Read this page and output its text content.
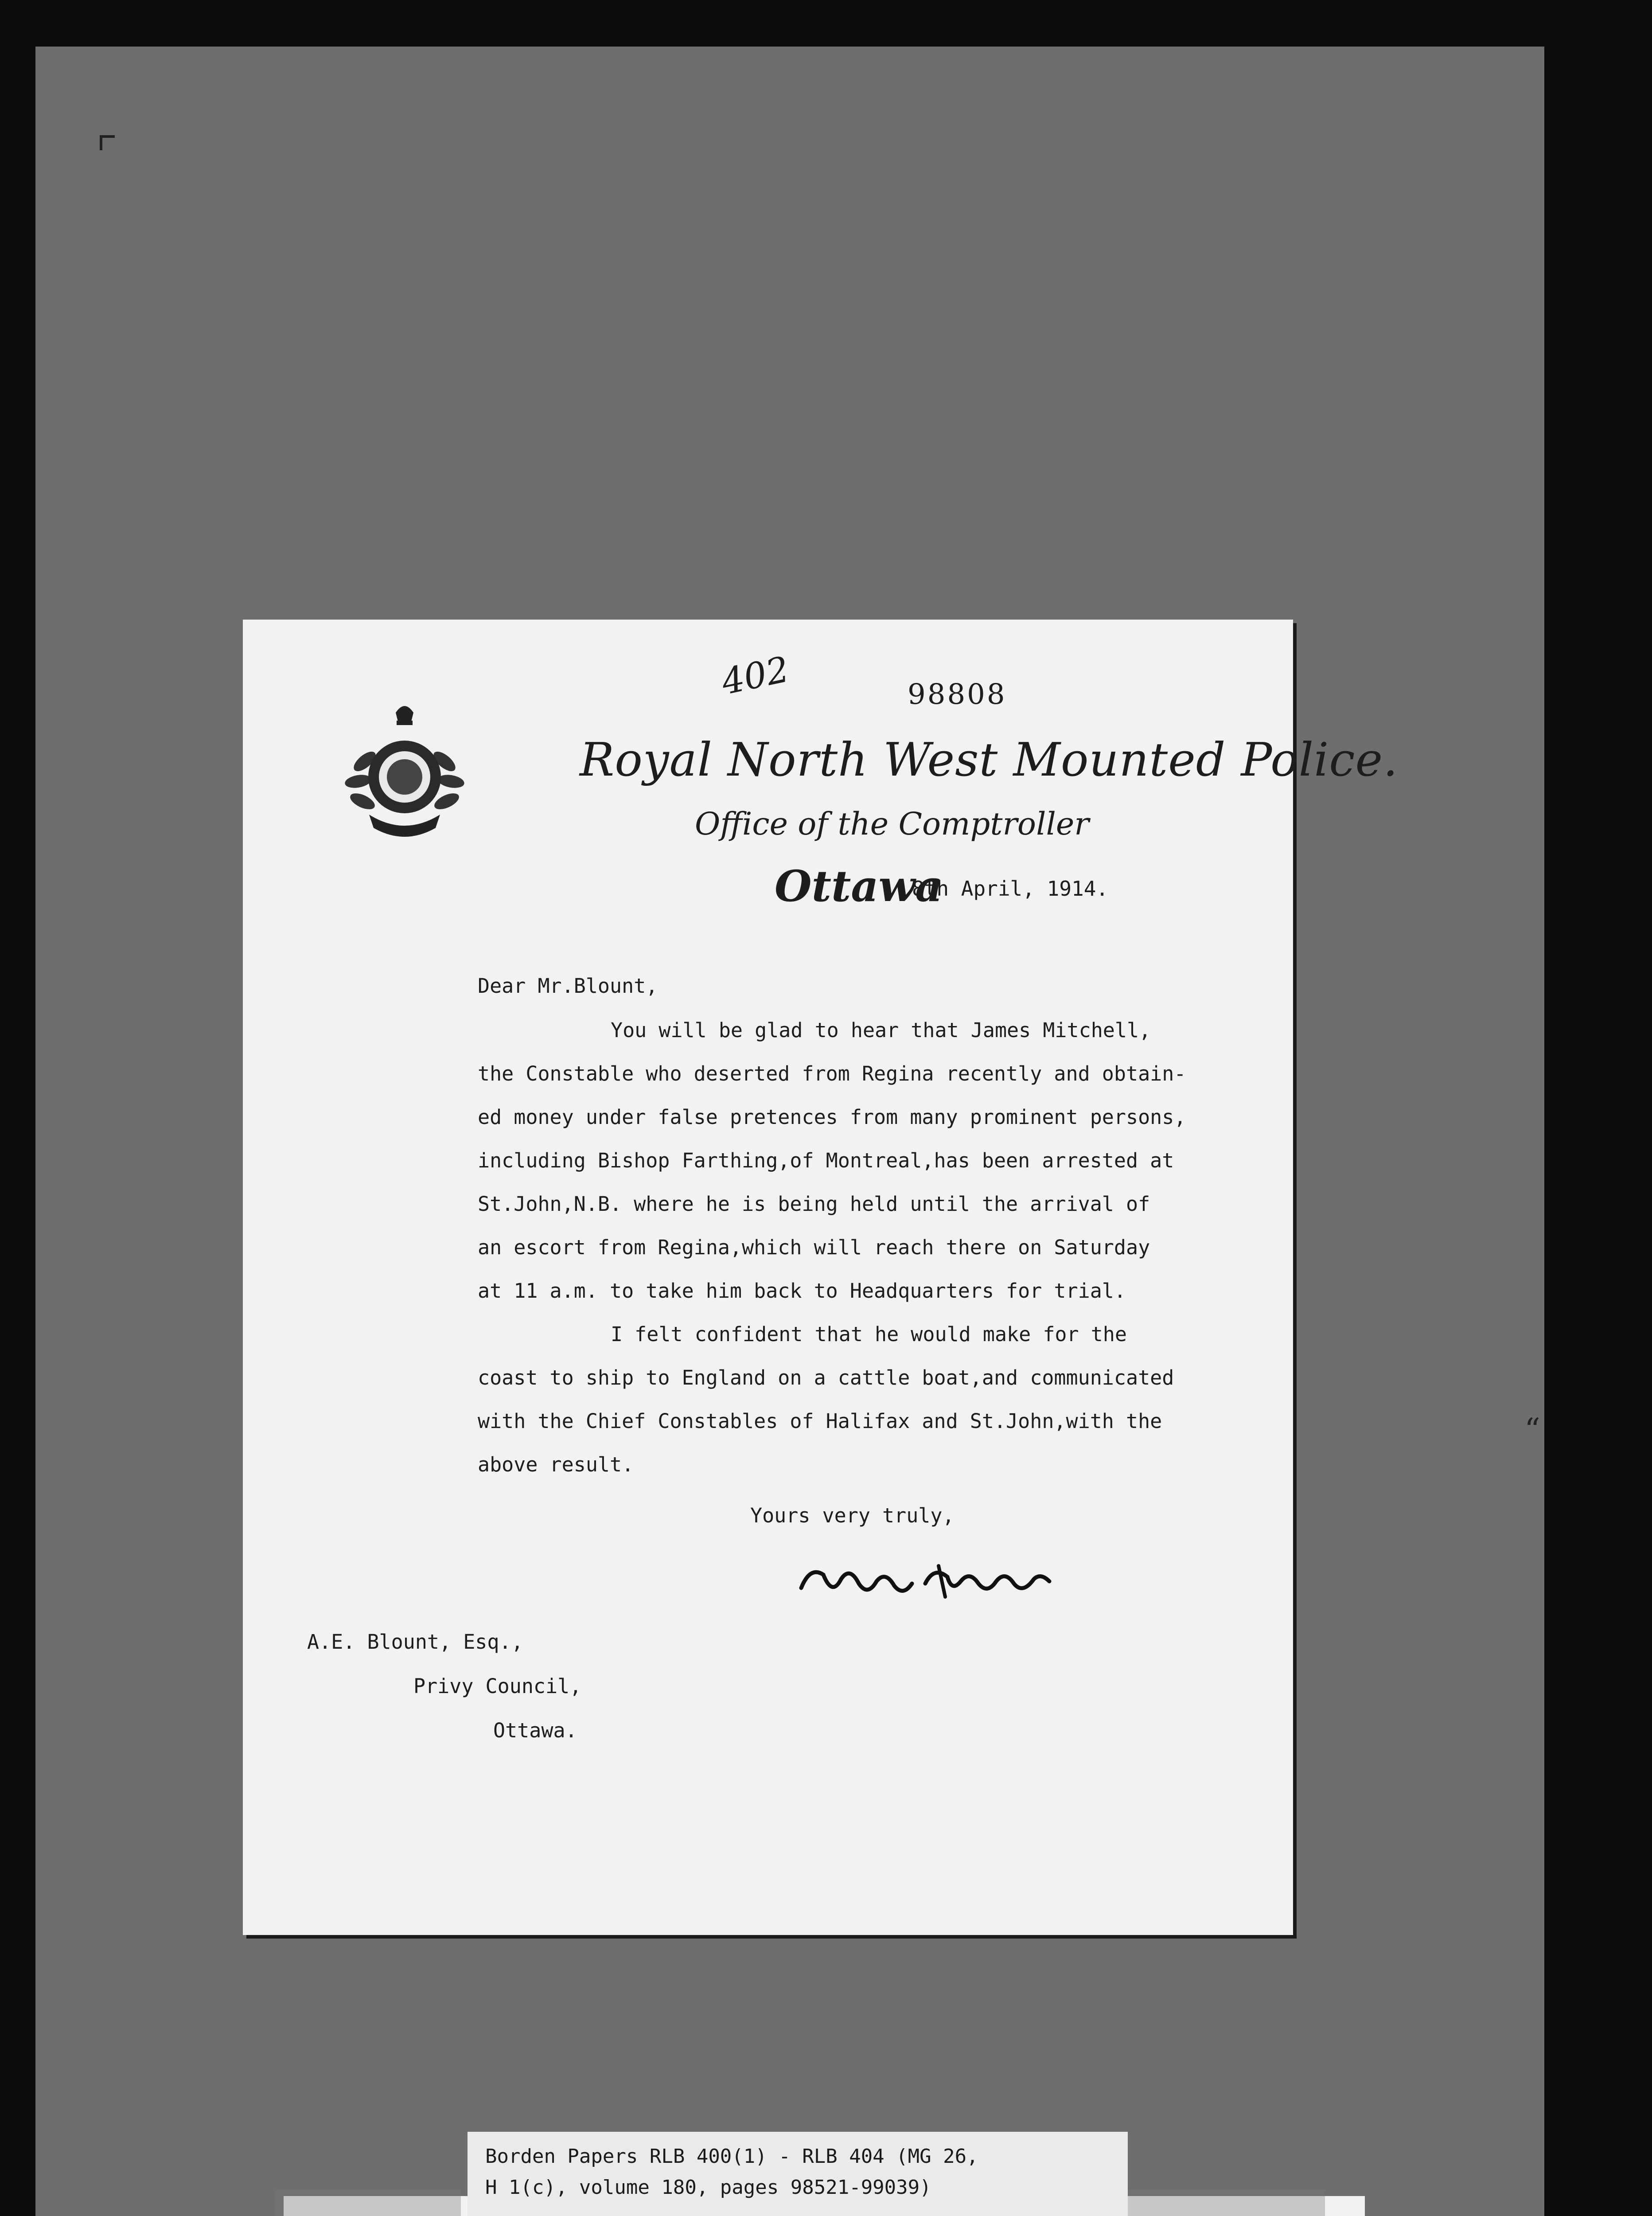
“
402	98808
Royal North West Mounted Police.
Office of the Comptroller
Ottawa
8th April, 1914.
Dear Mr.Blount,
You will be glad to hear that James Mitchell,
the Constable who deserted from Regina recently and obtain-
ed money under false pretences from many prominent persons,
including Bishop Farthing,of Montreal,has been arrested at
St.John,N.B. where he is being held until the arrival of
an escort from Regina,which will reach there on Saturday
at 11 a.m. to take him back to Headquarters for trial.
I felt confident that he would make for the
coast to ship to England on a cattle boat,and communicated
with the Chief Constables of Halifax and St.John,with the
above result.
Yours very truly,
A.E. Blount, Esq.,
Privy Council,
Ottawa.
Borden Papers RLB 400(1) - RLB 404 (MG 26,
H 1(c), volume 180, pages 98521-99039)
